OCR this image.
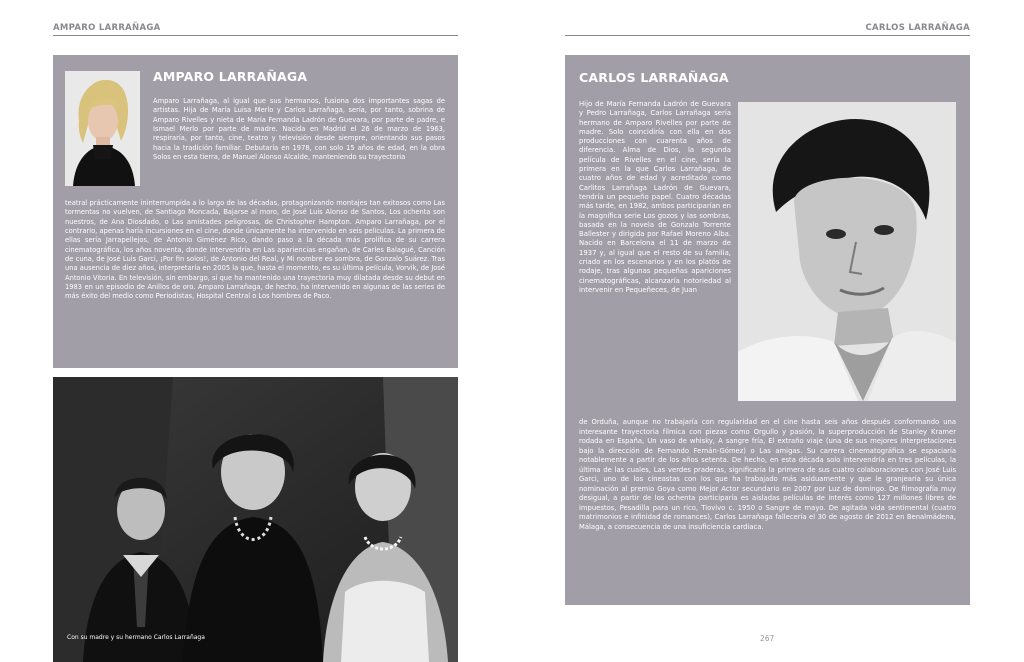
AMPARO LARRAÑAGA	CARLOS LARRAÑAGA
AMPARO LARRAÑAGA
Amparo Larrañaga, al igual que sus hermanos, fusiona dos importantes sagas de artistas. Hija de María Luisa Merlo y Carlos Larrañaga, sería, por tanto, sobrina de Amparo Rivelles y nieta de María Fernanda Ladrón de Guevara, por parte de padre, e Ismael Merlo por parte de madre. Nacida en Madrid el 26 de marzo de 1963, respiraría, por tanto, cine, teatro y televisión desde siempre, orientando sus pasos hacia la tradición familiar. Debutaría en 1978, con solo 15 años de edad, en la obra Solos en esta tierra, de Manuel Alonso Alcalde, manteniendo su trayectoria
teatral prácticamente ininterrumpida a lo largo de las décadas, protagonizando montajes tan exitosos como Las tormentas no vuelven, de Santiago Moncada, Bajarse al moro, de José Luis Alonso de Santos, Los ochenta son nuestros, de Ana Diosdado, o Las amistades peligrosas, de Christopher Hampton. Amparo Larrañaga, por el contrario, apenas haría incursiones en el cine, donde únicamente ha intervenido en seis películas. La primera de ellas sería Jarrapellejos, de Antonio Giménez Rico, dando paso a la década más prolífica de su carrera cinematográfica, los años noventa, donde intervendría en Las apariencias engañan, de Carles Balagué, Canción de cuna, de José Luis Garci, ¡Por fin solos!, de Antonio del Real, y Mi nombre es sombra, de Gonzalo Suárez. Tras una ausencia de diez años, interpretaría en 2005 la que, hasta el momento, es su última película, Vorvik, de José Antonio Vitoria. En televisión, sin embargo, sí que ha mantenido una trayectoria muy dilatada desde su debut en 1983 en un episodio de Anillos de oro. Amparo Larrañaga, de hecho, ha intervenido en algunas de las series de más éxito del medio como Periodistas, Hospital Central o Los hombres de Paco.
Con su madre y su hermano Carlos Larrañaga
CARLOS LARRAÑAGA
Hijo de María Fernanda Ladrón de Guevara y Pedro Larrañaga, Carlos Larrañaga sería hermano de Amparo Rivelles por parte de madre. Solo coincidiría con ella en dos producciones con cuarenta años de diferencia. Alma de Dios, la segunda película de Rivelles en el cine, sería la primera en la que Carlos Larrañaga, de cuatro años de edad y acreditado como Carlitos Larrañaga Ladrón de Guevara, tendría un pequeño papel. Cuatro décadas más tarde, en 1982, ambos participarían en la magnífica serie Los gozos y las sombras, basada en la novela de Gonzalo Torrente Ballester y dirigida por Rafael Moreno Alba. Nacido en Barcelona el 11 de marzo de 1937 y, al igual que el resto de su familia, criado en los escenarios y en los platós de rodaje, tras algunas pequeñas apariciones cinematográficas, alcanzaría notoriedad al intervenir en Pequeñeces, de Juan
de Orduña, aunque no trabajaría con regularidad en el cine hasta seis años después conformando una interesante trayectoria fílmica con piezas como Orgullo y pasión, la superproducción de Stanley Kramer rodada en España, Un vaso de whisky, A sangre fría, El extraño viaje (una de sus mejores interpretaciones bajo la dirección de Fernando Fernán-Gómez) o Las amigas. Su carrera cinematográfica se espaciaría notablemente a partir de los años setenta. De hecho, en esta década solo intervendría en tres películas, la última de las cuales, Las verdes praderas, significaría la primera de sus cuatro colaboraciones con José Luis Garci, uno de los cineastas con los que ha trabajado más asiduamente y que le granjearía su única nominación al premio Goya como Mejor Actor secundario en 2007 por Luz de domingo. De filmografía muy desigual, a partir de los ochenta participaría es aisladas películas de interés como 127 millones libres de impuestos, Pesadilla para un rico, Tiovivo c. 1950 o Sangre de mayo. De agitada vida sentimental (cuatro matrimonios e infinidad de romances), Carlos Larrañaga fallecería el 30 de agosto de 2012 en Benalmádena, Málaga, a consecuencia de una insuficiencia cardiaca.
267
